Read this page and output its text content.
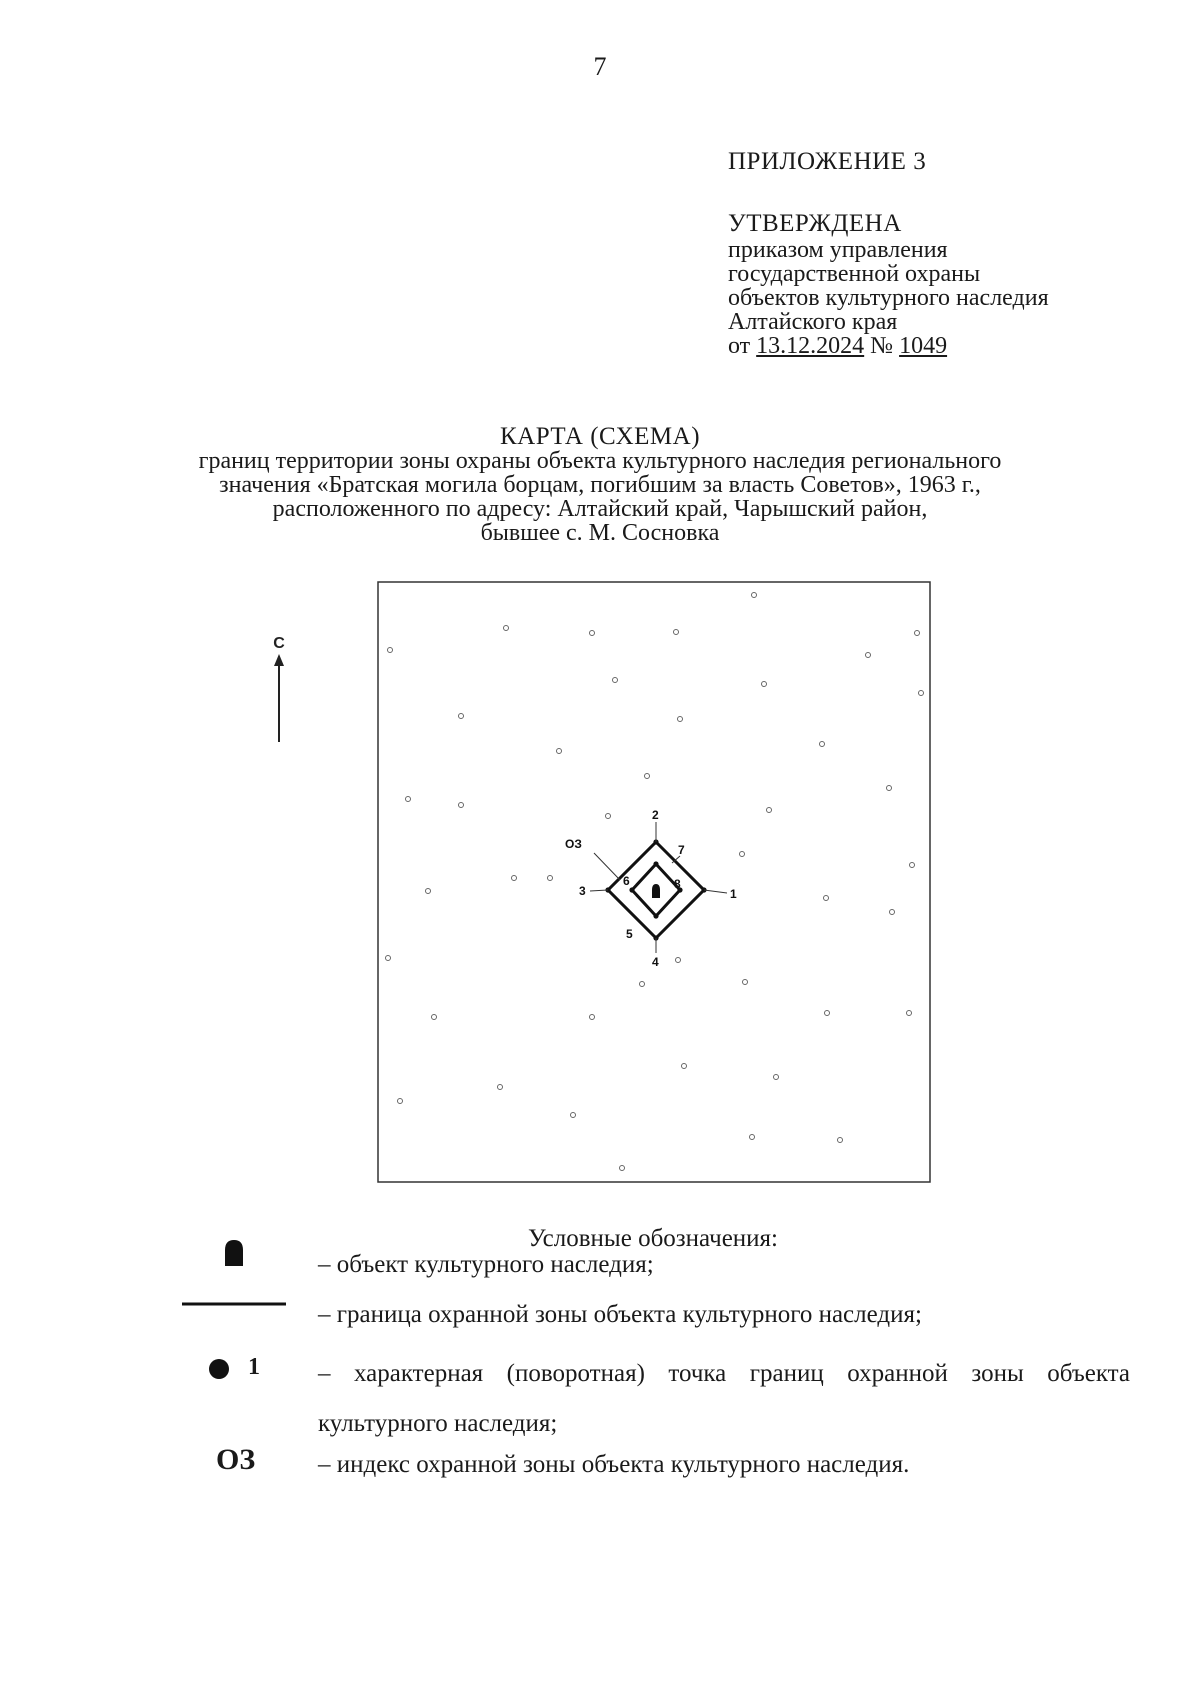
7
ПРИЛОЖЕНИЕ 3
УТВЕРЖДЕНА
приказом управления
государственной охраны
объектов культурного наследия
Алтайского края
от 13.12.2024 № 1049
КАРТА (СХЕМА)
границ территории зоны охраны объекта культурного наследия регионального
значения «Братская могила борцам, погибшим за власть Советов», 1963 г.,
расположенного по адресу: Алтайский край, Чарышский район,
бывшее с. М. Сосновка
С
1
2
3
4
5
6
7
8
ОЗ
Условные обозначения:
– объект культурного наследия;
– граница охранной зоны объекта культурного наследия;
1 – характерная (поворотная) точка границ охранной зоны объекта культурного наследия;
ОЗ	– индекс охранной зоны объекта культурного наследия.
